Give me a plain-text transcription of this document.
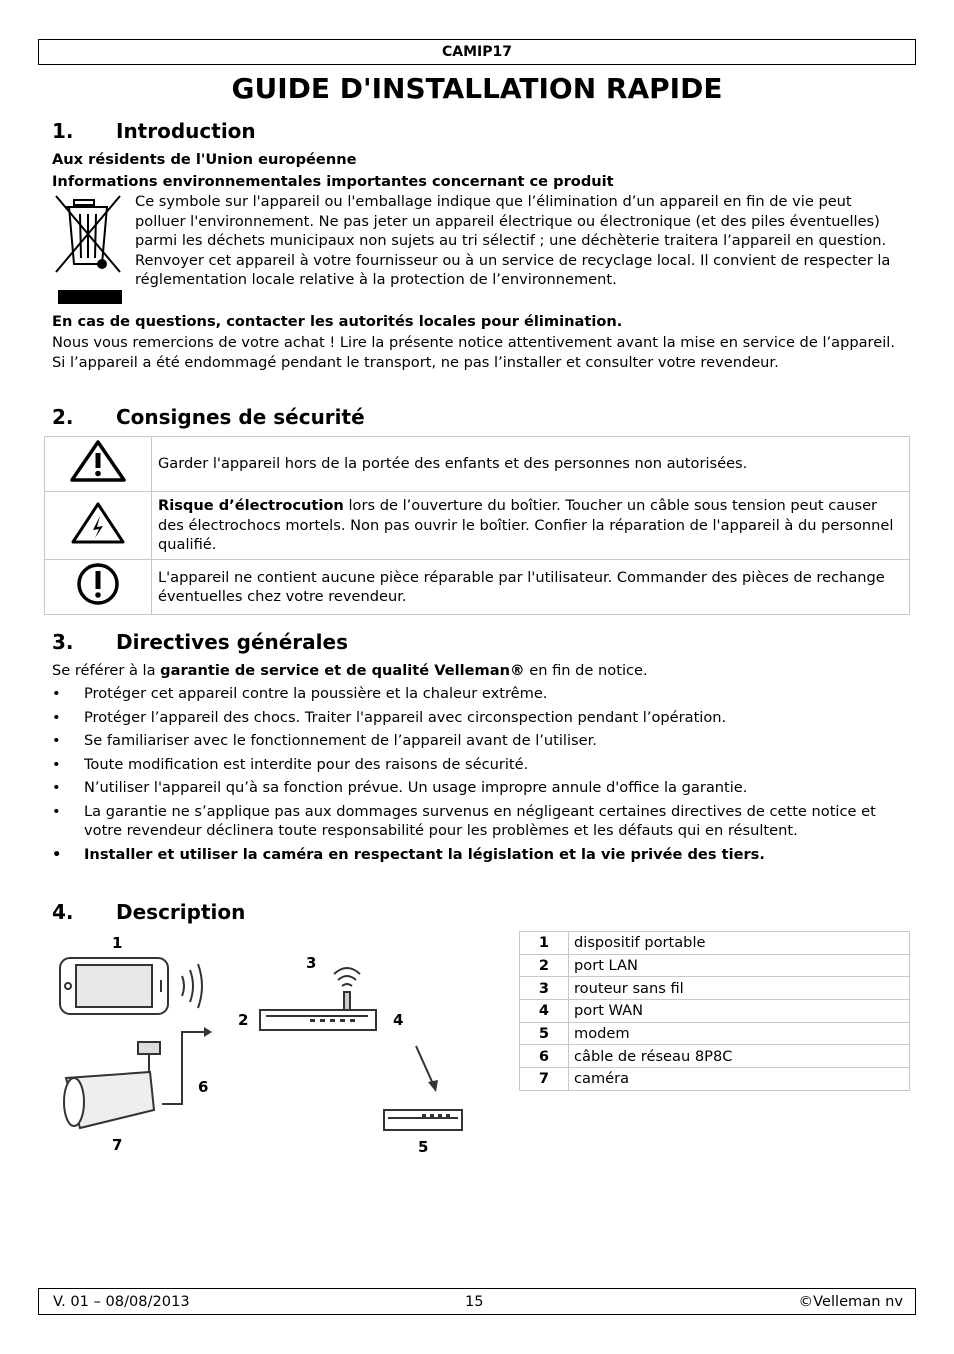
CAMIP17
GUIDE D'INSTALLATION RAPIDE
1. Introduction
Aux résidents de l'Union européenne
Informations environnementales importantes concernant ce produit
Ce symbole sur l'appareil ou l'emballage indique que l’élimination d’un appareil en fin de vie peut polluer l'environnement. Ne pas jeter un appareil électrique ou électronique (et des piles éventuelles) parmi les déchets municipaux non sujets au tri sélectif ; une déchèterie traitera l’appareil en question. Renvoyer cet appareil à votre fournisseur ou à un service de recyclage local. Il convient de respecter la réglementation locale relative à la protection de l’environnement.
En cas de questions, contacter les autorités locales pour élimination.
Nous vous remercions de votre achat ! Lire la présente notice attentivement avant la mise en service de l’appareil. Si l’appareil a été endommagé pendant le transport, ne pas l’installer et consulter votre revendeur.
2. Consignes de sécurité
	Garder l'appareil hors de la portée des enfants et des personnes non autorisées.
	Risque d’électrocution lors de l’ouverture du boîtier. Toucher un câble sous tension peut causer des électrochocs mortels. Non pas ouvrir le boîtier. Confier la réparation de l'appareil à du personnel qualifié.
	L'appareil ne contient aucune pièce réparable par l'utilisateur. Commander des pièces de rechange éventuelles chez votre revendeur.
3. Directives générales
Se référer à la garantie de service et de qualité Velleman® en fin de notice.
• Protéger cet appareil contre la poussière et la chaleur extrême.
• Protéger l’appareil des chocs. Traiter l'appareil avec circonspection pendant l’opération.
• Se familiariser avec le fonctionnement de l’appareil avant de l’utiliser.
• Toute modification est interdite pour des raisons de sécurité.
• N’utiliser l'appareil qu’à sa fonction prévue. Un usage impropre annule d'office la garantie.
• La garantie ne s’applique pas aux dommages survenus en négligeant certaines directives de cette notice et votre revendeur déclinera toute responsabilité pour les problèmes et les défauts qui en résultent.
• Installer et utiliser la caméra en respectant la législation et la vie privée des tiers.
4. Description
1
2
3
4
5
6
7
1	dispositif portable
2	port LAN
3	routeur sans fil
4	port WAN
5	modem
6	câble de réseau 8P8C
7	caméra
V. 01 – 08/08/2013	15	©Velleman nv
